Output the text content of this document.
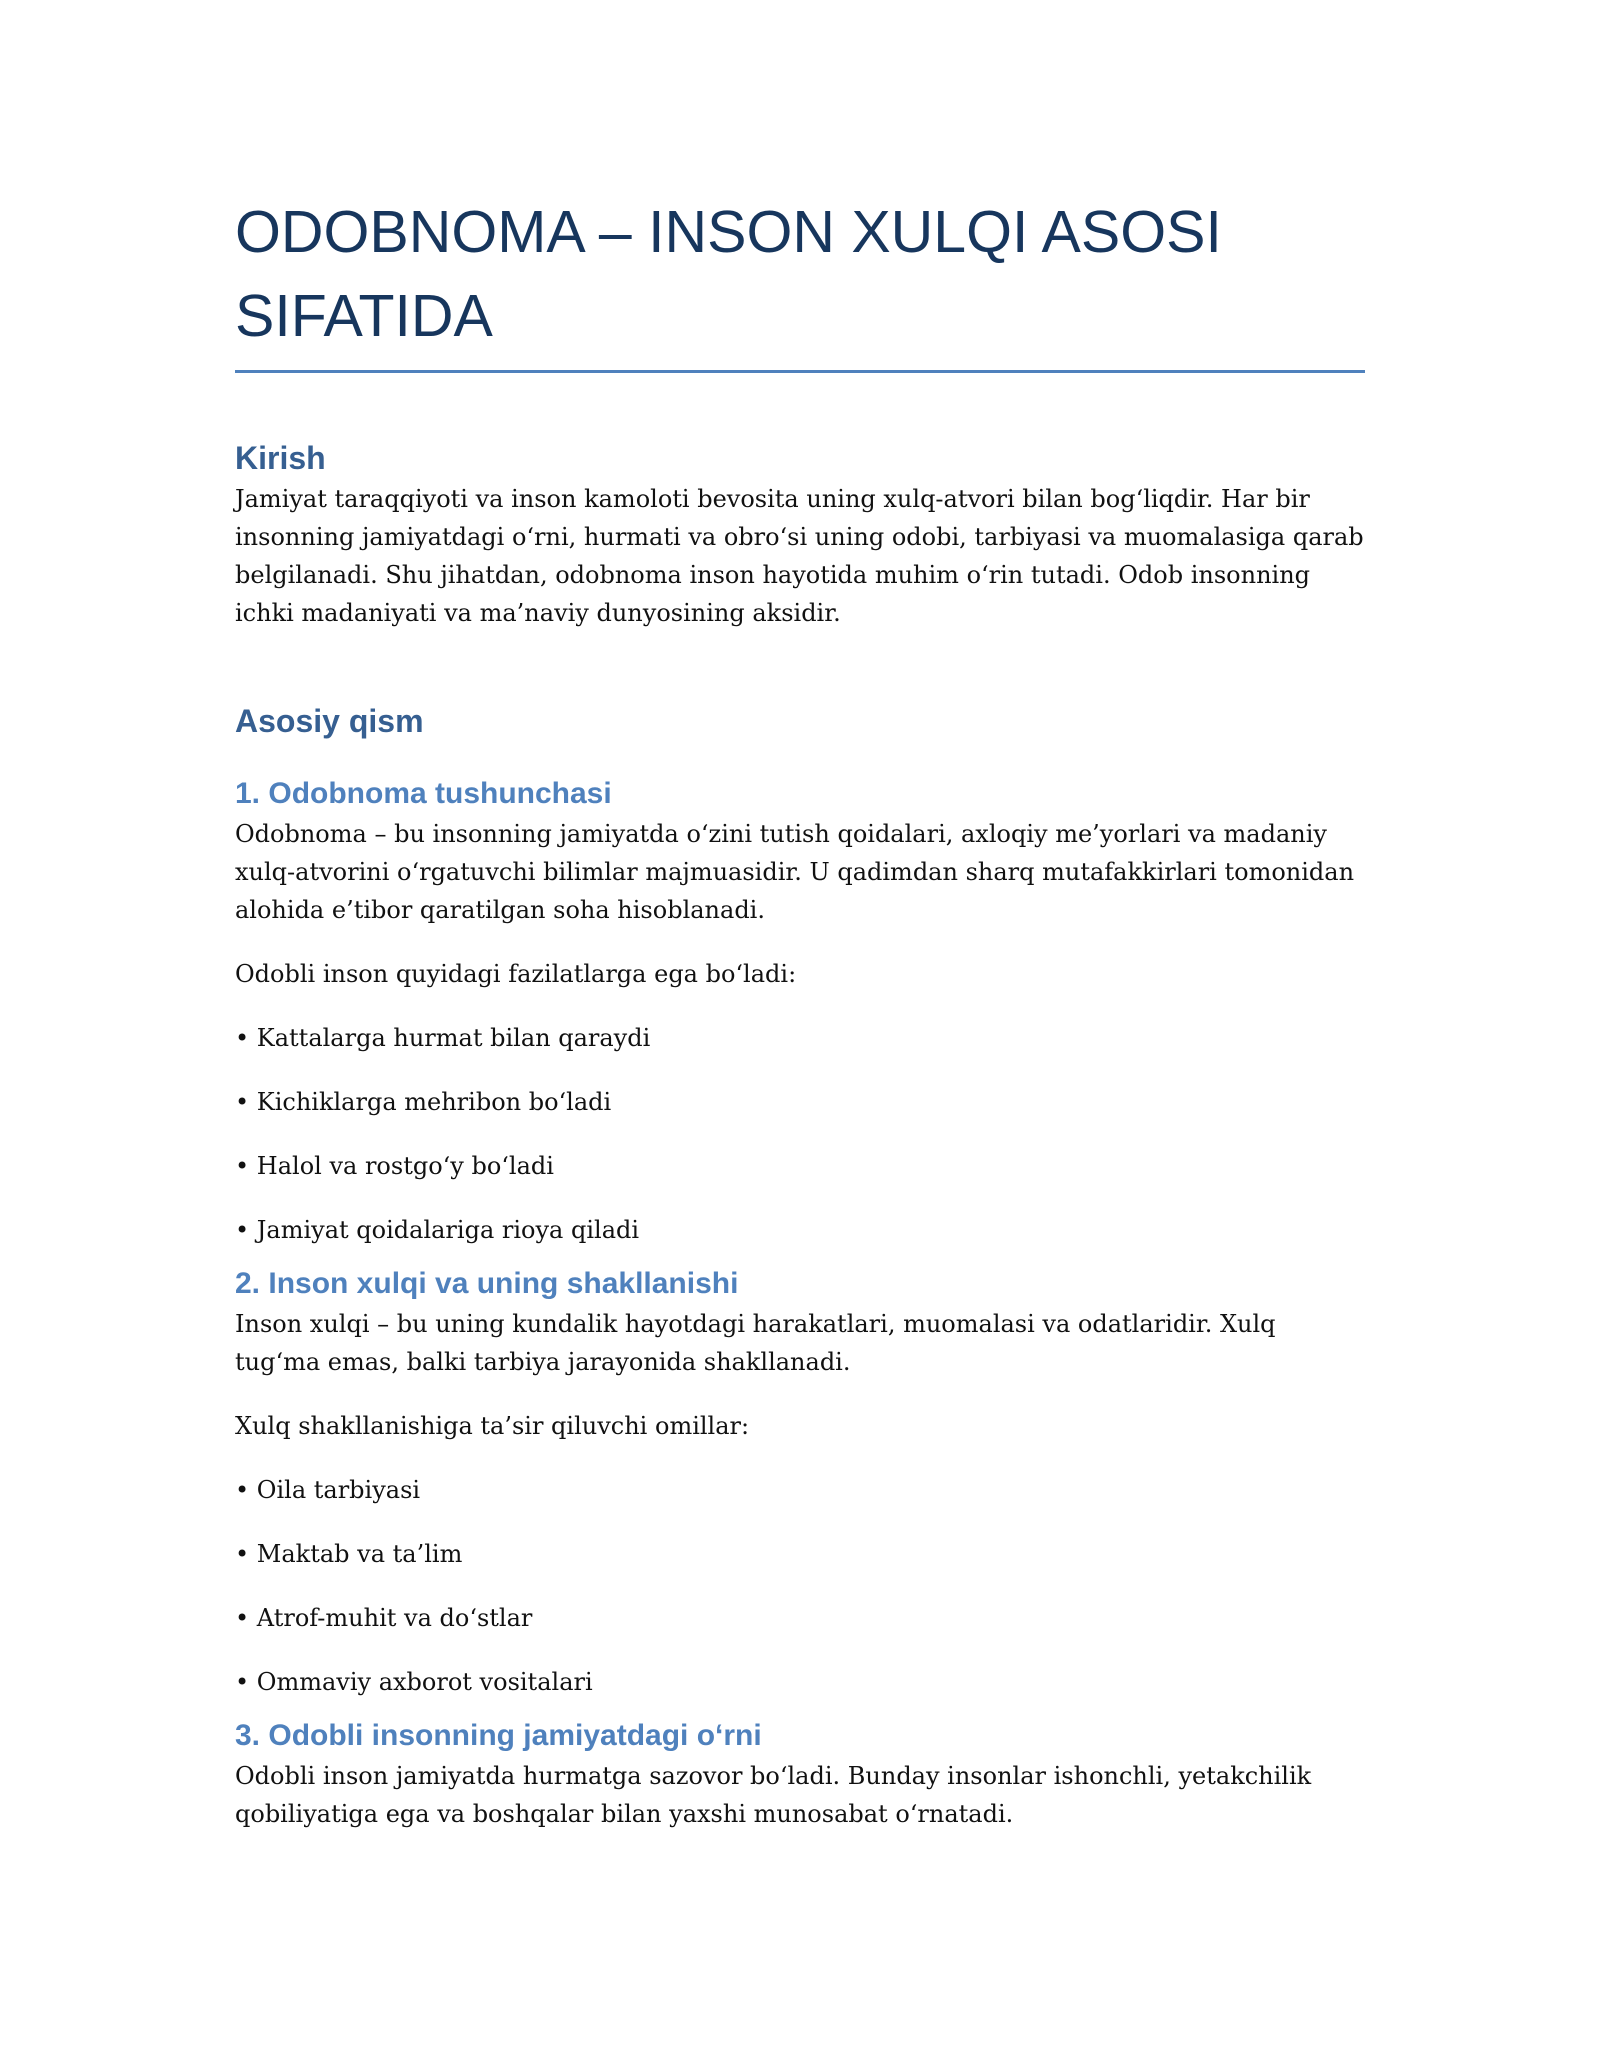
ODOBNOMA – INSON XULQI ASOSI SIFATIDA
Kirish

Jamiyat taraqqiyoti va inson kamoloti bevosita uning xulq-atvori bilan bog‘liqdir. Har bir insonning jamiyatdagi o‘rni, hurmati va obro‘si uning odobi, tarbiyasi va muomalasiga qarab belgilanadi. Shu jihatdan, odobnoma inson hayotida muhim o‘rin tutadi. Odob insonning ichki madaniyati va ma’naviy dunyosining aksidir.

Asosiy qism
1. Odobnoma tushunchasi

Odobnoma – bu insonning jamiyatda o‘zini tutish qoidalari, axloqiy me’yorlari va madaniy xulq-atvorini o‘rgatuvchi bilimlar majmuasidir. U qadimdan sharq mutafakkirlari tomonidan alohida e’tibor qaratilgan soha hisoblanadi.

Odobli inson quyidagi fazilatlarga ega bo‘ladi:

• Kattalarga hurmat bilan qaraydi

• Kichiklarga mehribon bo‘ladi

• Halol va rostgo‘y bo‘ladi

• Jamiyat qoidalariga rioya qiladi

2. Inson xulqi va uning shakllanishi

Inson xulqi – bu uning kundalik hayotdagi harakatlari, muomalasi va odatlaridir. Xulq tug‘ma emas, balki tarbiya jarayonida shakllanadi.

Xulq shakllanishiga ta’sir qiluvchi omillar:

• Oila tarbiyasi

• Maktab va ta’lim

• Atrof-muhit va do‘stlar

• Ommaviy axborot vositalari

3. Odobli insonning jamiyatdagi o‘rni

Odobli inson jamiyatda hurmatga sazovor bo‘ladi. Bunday insonlar ishonchli, yetakchilik qobiliyatiga ega va boshqalar bilan yaxshi munosabat o‘rnatadi.
